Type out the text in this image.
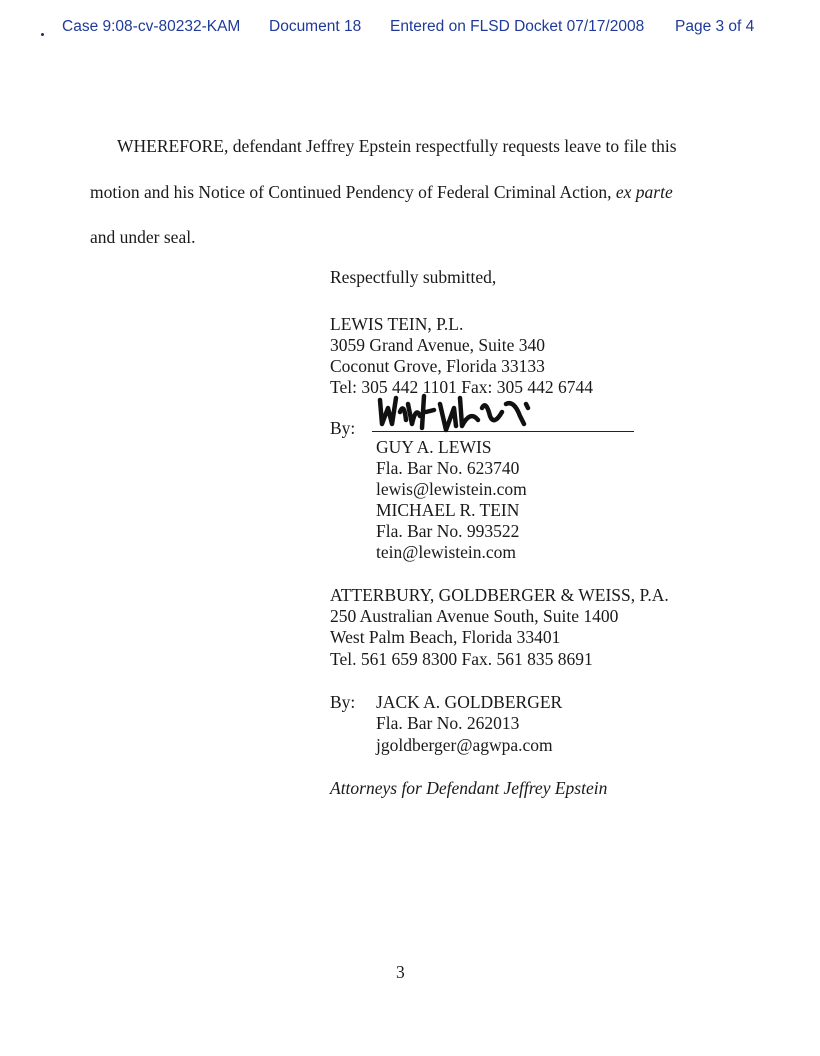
Case 9:08-cv-80232-KAM Document 18 Entered on FLSD Docket 07/17/2008 Page 3 of 4
WHEREFORE, defendant Jeffrey Epstein respectfully requests leave to file this
motion and his Notice of Continued Pendency of Federal Criminal Action, ex parte
and under seal.
Respectfully submitted,
LEWIS TEIN, P.L.
3059 Grand Avenue, Suite 340
Coconut Grove, Florida 33133
Tel: 305 442 1101 Fax: 305 442 6744
By:
GUY A. LEWIS
Fla. Bar No. 623740
lewis@lewistein.com
MICHAEL R. TEIN
Fla. Bar No. 993522
tein@lewistein.com
ATTERBURY, GOLDBERGER & WEISS, P.A.
250 Australian Avenue South, Suite 1400
West Palm Beach, Florida 33401
Tel. 561 659 8300 Fax. 561 835 8691
By: JACK A. GOLDBERGER
Fla. Bar No. 262013
jgoldberger@agwpa.com
Attorneys for Defendant Jeffrey Epstein
3
